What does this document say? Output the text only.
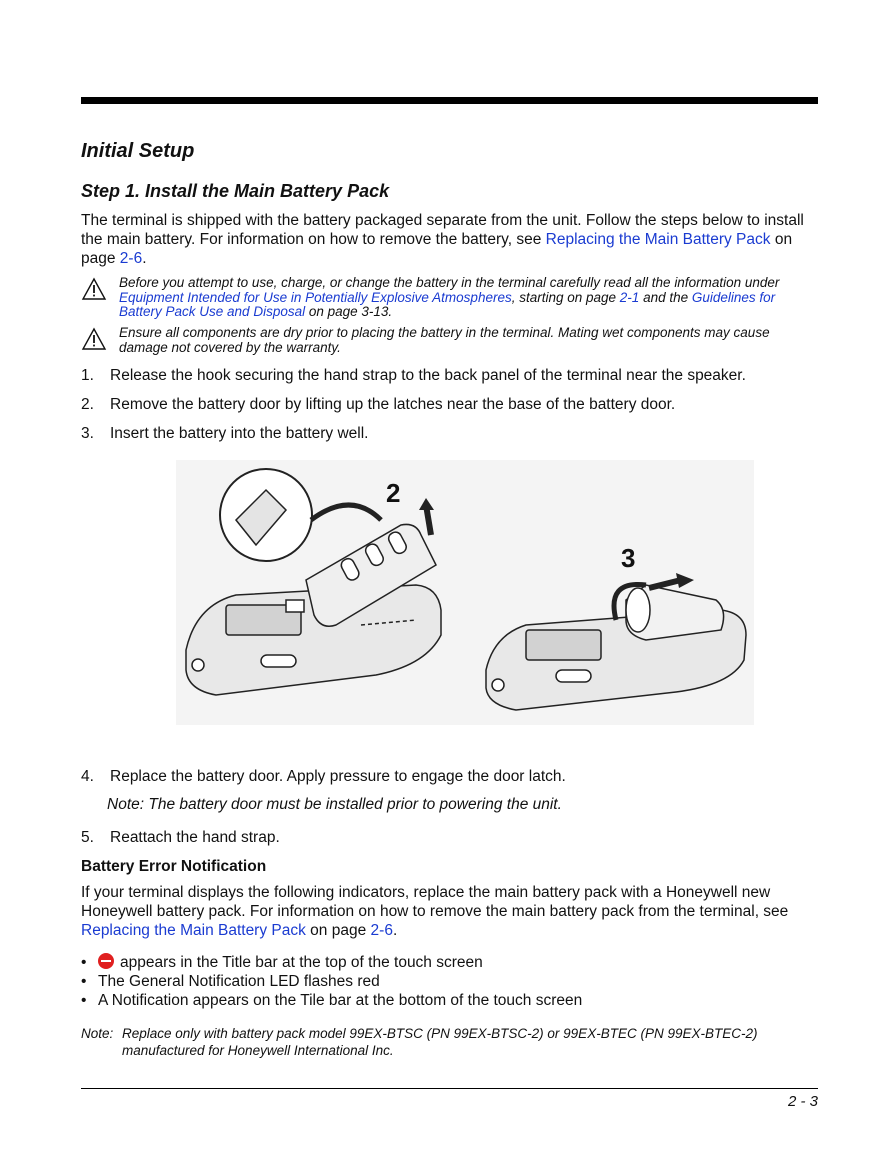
Initial Setup
Step 1. Install the Main Battery Pack

The terminal is shipped with the battery packaged separate from the unit. Follow the steps below to install the main battery. For information on how to remove the battery, see Replacing the Main Battery Pack on page 2-6.

Before you attempt to use, charge, or change the battery in the terminal carefully read all the information under Equipment Intended for Use in Potentially Explosive Atmospheres, starting on page 2-1 and the Guidelines for Battery Pack Use and Disposal on page 3-13.
Ensure all components are dry prior to placing the battery in the terminal. Mating wet components may cause damage not covered by the warranty.
1. Release the hook securing the hand strap to the back panel of the terminal near the speaker.
2. Remove the battery door by lifting up the latches near the base of the battery door.
3. Insert the battery into the battery well.
2
3
4. Replace the battery door. Apply pressure to engage the door latch.
Note: The battery door must be installed prior to powering the unit.
5. Reattach the hand strap.
Battery Error Notification

If your terminal displays the following indicators, replace the main battery pack with a Honeywell new Honeywell battery pack. For information on how to remove the main battery pack from the terminal, see Replacing the Main Battery Pack on page 2-6.

•	appears in the Title bar at the top of the touch screen
• The General Notification LED flashes red
• A Notification appears on the Tile bar at the bottom of the touch screen
Note: Replace only with battery pack model 99EX-BTSC (PN 99EX-BTSC-2) or 99EX-BTEC (PN 99EX-BTEC-2) manufactured for Honeywell International Inc.
2 - 3
